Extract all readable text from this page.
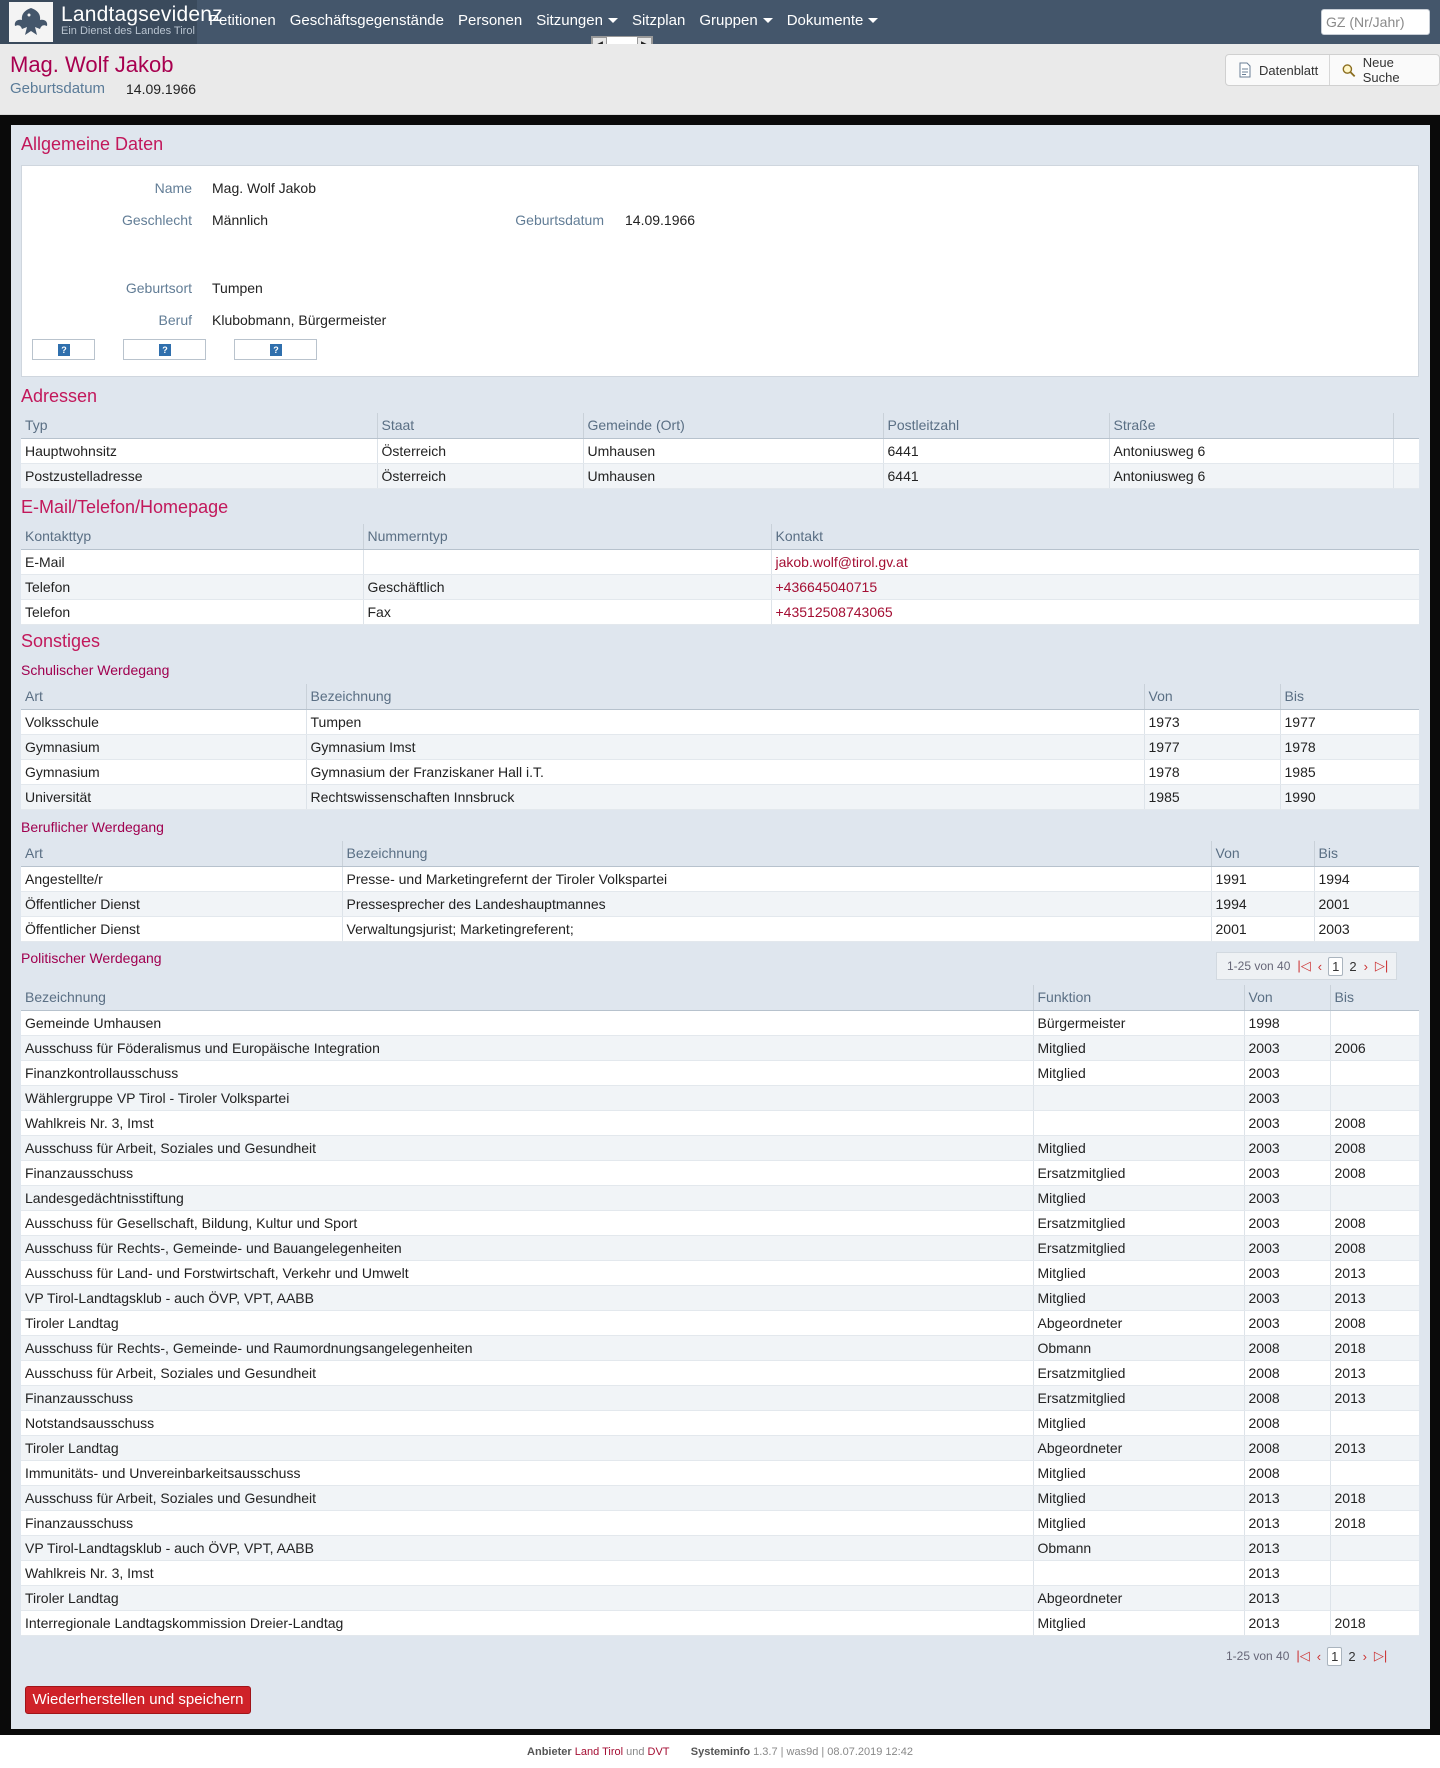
Landtagsevidenz
Ein Dienst des Landes Tirol
Petitionen Geschäftsgegenstände Personen Sitzungen	Sitzplan Gruppen	Dokumente
GZ (Nr/Jahr)
Mag. Wolf Jakob
Geburtsdatum 14.09.1966
Datenblatt	Neue Suche
Allgemeine Daten
Name Mag. Wolf Jakob
Geschlecht Männlich	Geburtsdatum 14.09.1966
Geburtsort Tumpen
Beruf Klubobmann, Bürgermeister
?	?	?
Adressen
Typ	Staat	Gemeinde (Ort)	Postleitzahl	Straße	
Hauptwohnsitz	Österreich	Umhausen	6441	Antoniusweg 6	
Postzustelladresse	Österreich	Umhausen	6441	Antoniusweg 6	
E-Mail/Telefon/Homepage
Kontakttyp	Nummerntyp	Kontakt
E-Mail		jakob.wolf@tirol.gv.at
Telefon	Geschäftlich	+436645040715
Telefon	Fax	+43512508743065
Sonstiges
Schulischer Werdegang
Art	Bezeichnung	Von	Bis
Volksschule	Tumpen	1973	1977
Gymnasium	Gymnasium Imst	1977	1978
Gymnasium	Gymnasium der Franziskaner Hall i.T.	1978	1985
Universität	Rechtswissenschaften Innsbruck	1985	1990
Beruflicher Werdegang
Art	Bezeichnung	Von	Bis
Angestellte/r	Presse- und Marketingrefernt der Tiroler Volkspartei	1991	1994
Öffentlicher Dienst	Pressesprecher des Landeshauptmannes	1994	2001
Öffentlicher Dienst	Verwaltungsjurist; Marketingreferent;	2001	2003
Politischer Werdegang	1-25 von 40 |◁ ‹ 1 2 › ▷|
Bezeichnung	Funktion	Von	Bis
Gemeinde Umhausen	Bürgermeister	1998	
Ausschuss für Föderalismus und Europäische Integration	Mitglied	2003	2006
Finanzkontrollausschuss	Mitglied	2003	
Wählergruppe VP Tirol - Tiroler Volkspartei		2003	
Wahlkreis Nr. 3, Imst		2003	2008
Ausschuss für Arbeit, Soziales und Gesundheit	Mitglied	2003	2008
Finanzausschuss	Ersatzmitglied	2003	2008
Landesgedächtnisstiftung	Mitglied	2003	
Ausschuss für Gesellschaft, Bildung, Kultur und Sport	Ersatzmitglied	2003	2008
Ausschuss für Rechts-, Gemeinde- und Bauangelegenheiten	Ersatzmitglied	2003	2008
Ausschuss für Land- und Forstwirtschaft, Verkehr und Umwelt	Mitglied	2003	2013
VP Tirol-Landtagsklub - auch ÖVP, VPT, AABB	Mitglied	2003	2013
Tiroler Landtag	Abgeordneter	2003	2008
Ausschuss für Rechts-, Gemeinde- und Raumordnungsangelegenheiten	Obmann	2008	2018
Ausschuss für Arbeit, Soziales und Gesundheit	Ersatzmitglied	2008	2013
Finanzausschuss	Ersatzmitglied	2008	2013
Notstandsausschuss	Mitglied	2008	
Tiroler Landtag	Abgeordneter	2008	2013
Immunitäts- und Unvereinbarkeitsausschuss	Mitglied	2008	
Ausschuss für Arbeit, Soziales und Gesundheit	Mitglied	2013	2018
Finanzausschuss	Mitglied	2013	2018
VP Tirol-Landtagsklub - auch ÖVP, VPT, AABB	Obmann	2013	
Wahlkreis Nr. 3, Imst		2013	
Tiroler Landtag	Abgeordneter	2013	
Interregionale Landtagskommission Dreier-Landtag	Mitglied	2013	2018
1-25 von 40 |◁ ‹ 1 2 › ▷|
Wiederherstellen und speichern
Anbieter Land Tirol und DVT Systeminfo 1.3.7 | was9d | 08.07.2019 12:42
